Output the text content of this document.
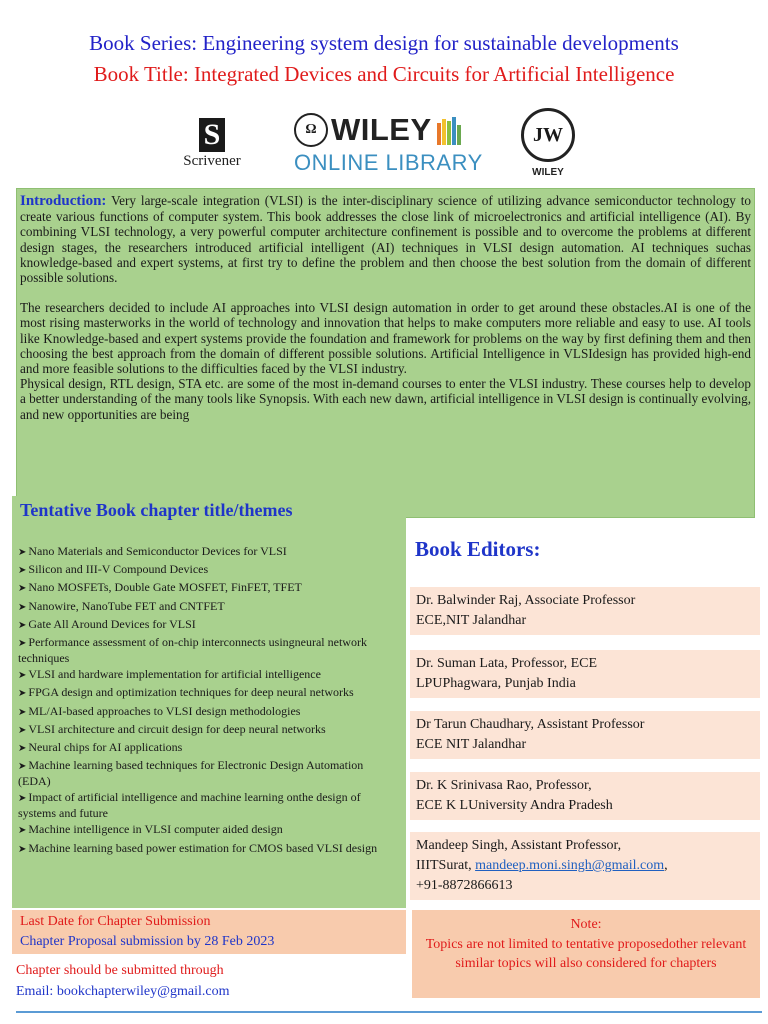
Book Series: Engineering system design for sustainable developments
Book Title: Integrated Devices and Circuits for Artificial Intelligence
S
Scrivener
Ω WILEY
ONLINE LIBRARY
JW
WILEY

Introduction: Very large-scale integration (VLSI) is the inter-disciplinary science of utilizing advance semiconductor technology to create various functions of computer system. This book addresses the close link of microelectronics and artificial intelligence (AI). By combining VLSI technology, a very powerful computer architecture confinement is possible and to overcome the problems at different design stages, the researchers introduced artificial intelligent (AI) techniques in VLSI design automation. AI techniques suchas knowledge-based and expert systems, at first try to define the problem and then choose the best solution from the domain of different possible solutions.

The researchers decided to include AI approaches into VLSI design automation in order to get around these obstacles.AI is one of the most rising masterworks in the world of technology and innovation that helps to make computers more reliable and easy to use. AI tools like Knowledge-based and expert systems provide the foundation and framework for problems on the way by first defining them and then choosing the best approach from the domain of different possible solutions. Artificial Intelligence in VLSIdesign has provided high-end and more feasible solutions to the difficulties faced by the VLSI industry.

Physical design, RTL design, STA etc. are some of the most in-demand courses to enter the VLSI industry. These courses help to develop a better understanding of the many tools like Synopsis. With each new dawn, artificial intelligence in VLSI design is continually evolving, and new opportunities are being

Tentative Book chapter title/themes
➤ Nano Materials and Semiconductor Devices for VLSI
➤ Silicon and III-V Compound Devices
➤ Nano MOSFETs, Double Gate MOSFET, FinFET, TFET
➤ Nanowire, NanoTube FET and CNTFET
➤ Gate All Around Devices for VLSI
➤ Performance assessment of on-chip interconnects usingneural network techniques
➤ VLSI and hardware implementation for artificial intelligence
➤ FPGA design and optimization techniques for deep neural networks
➤ ML/AI-based approaches to VLSI design methodologies
➤ VLSI architecture and circuit design for deep neural networks
➤ Neural chips for AI applications
➤ Machine learning based techniques for Electronic Design Automation (EDA)
➤ Impact of artificial intelligence and machine learning onthe design of systems and future
➤ Machine intelligence in VLSI computer aided design
➤ Machine learning based power estimation for CMOS based VLSI design
Book Editors:
Dr. Balwinder Raj, Associate Professor
ECE,NIT Jalandhar
Dr. Suman Lata, Professor, ECE
LPUPhagwara, Punjab India
Dr Tarun Chaudhary, Assistant Professor
ECE NIT Jalandhar
Dr. K Srinivasa Rao, Professor,
ECE K LUniversity Andra Pradesh
Mandeep Singh, Assistant Professor,
IIITSurat, mandeep.moni.singh@gmail.com,
+91-8872866613
Last Date for Chapter Submission
Chapter Proposal submission by 28 Feb 2023
Chapter should be submitted through
Email: bookchapterwiley@gmail.com
Note:
Topics are not limited to tentative proposedother relevant similar topics will also considered for chapters
